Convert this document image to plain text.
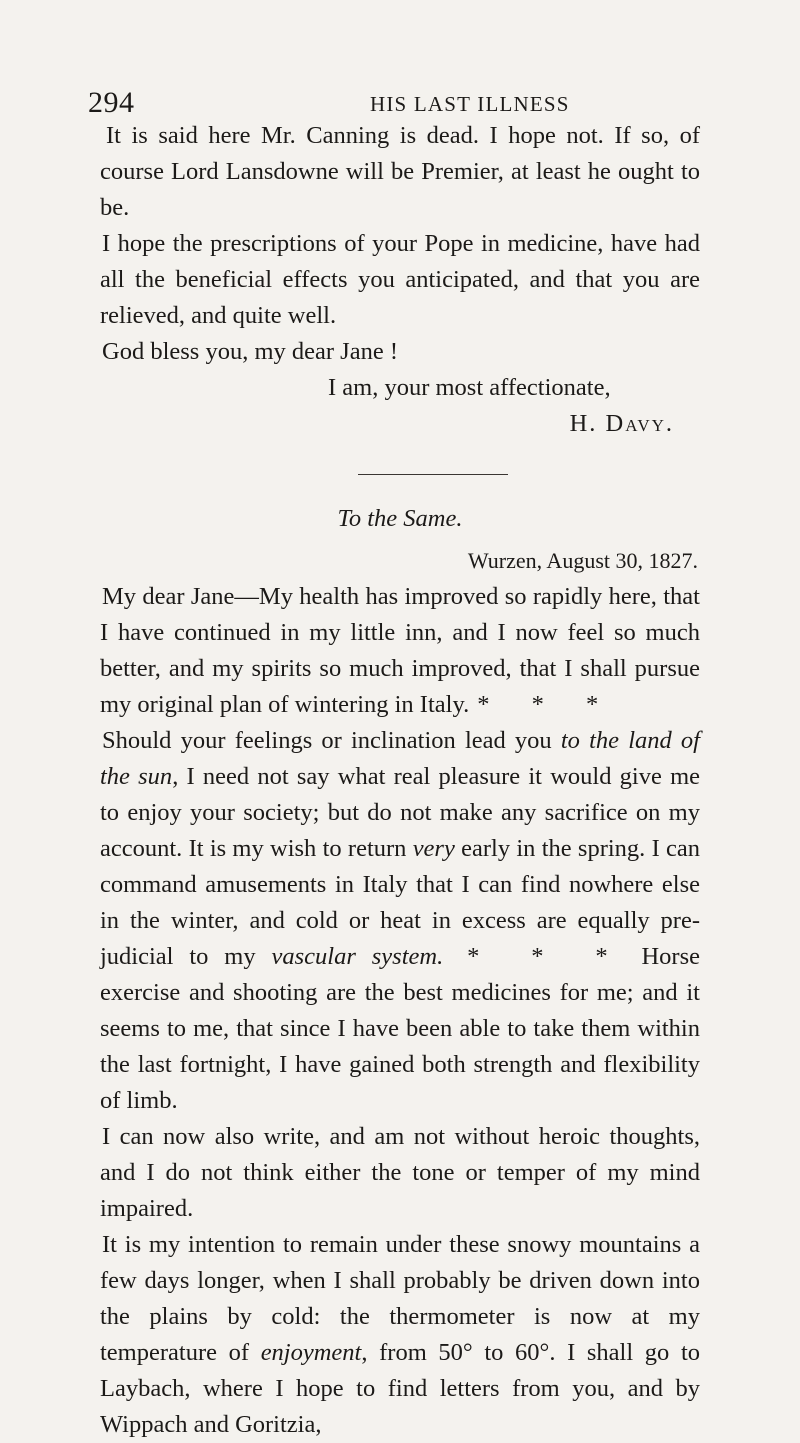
294	HIS LAST ILLNESS

It is said here Mr. Canning is dead. I hope not. If so, of course Lord Lansdowne will be Premier, at least he ought to be.

I hope the prescriptions of your Pope in medicine, have had all the beneficial effects you anticipated, and that you are relieved, and quite well.

God bless you, my dear Jane !

I am, your most affectionate,

H. Davy.

To the Same.

Wurzen, August 30, 1827.

My dear Jane—My health has improved so rapidly here, that I have continued in my little inn, and I now feel so much better, and my spirits so much improved, that I shall pursue my original plan of wintering in Italy. * * *

Should your feelings or inclination lead you to the land of the sun, I need not say what real pleasure it would give me to enjoy your society; but do not make any sacrifice on my account. It is my wish to return very early in the spring. I can command amusements in Italy that I can find nowhere else in the winter, and cold or heat in excess are equally pre- judicial to my vascular system. * * * Horse exercise and shooting are the best medicines for me; and it seems to me, that since I have been able to take them within the last fortnight, I have gained both strength and flexibility of limb.

I can now also write, and am not without heroic thoughts, and I do not think either the tone or temper of my mind impaired.

It is my intention to remain under these snowy mountains a few days longer, when I shall probably be driven down into the plains by cold: the thermometer is now at my temperature of enjoyment, from 50° to 60°. I shall go to Laybach, where I hope to find letters from you, and by Wippach and Goritzia,
